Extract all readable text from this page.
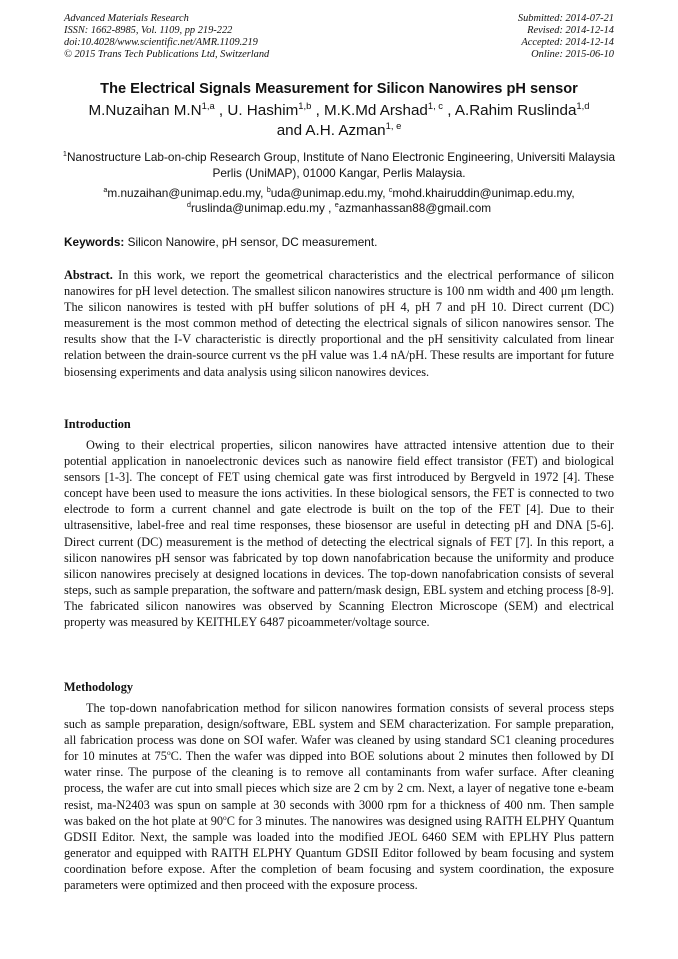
Advanced Materials Research
ISSN: 1662-8985, Vol. 1109, pp 219-222
doi:10.4028/www.scientific.net/AMR.1109.219
© 2015 Trans Tech Publications Ltd, Switzerland
Submitted: 2014-07-21
Revised: 2014-12-14
Accepted: 2014-12-14
Online: 2015-06-10
The Electrical Signals Measurement for Silicon Nanowires pH sensor
M.Nuzaihan $M.N^{1,a}$ , U. Hashim$^{1,b}$ , M.K.Md Arshad$^{1, c}$ , A.Rahim Ruslinda$^{1,d}$
and A.H. Azman$^{1, e}$
$^1$Nanostructure Lab-on-chip Research Group, Institute of Nano Electronic Engineering, Universiti Malaysia Perlis (UniMAP), 01000 Kangar, Perlis Malaysia.
$^a$m.nuzaihan@unimap.edu.my, $^b$uda@unimap.edu.my, $^c$mohd.khairuddin@unimap.edu.my,
$^d$ruslinda@unimap.edu.my , $^e$azmanhassan88@gmail.com
Keywords: Silicon Nanowire, pH sensor, DC measurement.
Abstract. In this work, we report the geometrical characteristics and the electrical performance of silicon nanowires for pH level detection. The smallest silicon nanowires structure is 100 nm width and 400 μm length. The silicon nanowires is tested with pH buffer solutions of pH 4, pH 7 and pH 10. Direct current (DC) measurement is the most common method of detecting the electrical signals of silicon nanowires sensor. The results show that the I-V characteristic is directly proportional and the pH sensitivity calculated from linear relation between the drain-source current vs the pH value was 1.4 nA/pH. These results are important for future biosensing experiments and data analysis using silicon nanowires devices.
Introduction
Owing to their electrical properties, silicon nanowires have attracted intensive attention due to their potential application in nanoelectronic devices such as nanowire field effect transistor (FET) and biological sensors [1-3]. The concept of FET using chemical gate was first introduced by Bergveld in 1972 [4]. These concept have been used to measure the ions activities. In these biological sensors, the FET is connected to two electrode to form a current channel and gate electrode is built on the top of the FET [4]. Due to their ultrasensitive, label-free and real time responses, these biosensor are useful in detecting pH and DNA [5-6]. Direct current (DC) measurement is the method of detecting the electrical signals of FET [7]. In this report, a silicon nanowires pH sensor was fabricated by top down nanofabrication because the uniformity and produce silicon nanowires precisely at designed locations in devices. The top-down nanofabrication consists of several steps, such as sample preparation, the software and pattern/mask design, EBL system and etching process [8-9]. The fabricated silicon nanowires was observed by Scanning Electron Microscope (SEM) and electrical property was measured by KEITHLEY 6487 picoammeter/voltage source.
Methodology
The top-down nanofabrication method for silicon nanowires formation consists of several process steps such as sample preparation, design/software, EBL system and SEM characterization. For sample preparation, all fabrication process was done on SOI wafer. Wafer was cleaned by using standard SC1 cleaning procedures for 10 minutes at 75$^o$C. Then the wafer was dipped into BOE solutions about 2 minutes then followed by DI water rinse. The purpose of the cleaning is to remove all contaminants from wafer surface. After cleaning process, the wafer are cut into small pieces which size are 2 cm by 2 cm. Next, a layer of negative tone e-beam resist, ma-N2403 was spun on sample at 30 seconds with 3000 rpm for a thickness of 400 nm. Then sample was baked on the hot plate at 90$^o$C for 3 minutes. The nanowires was designed using RAITH ELPHY Quantum GDSII Editor. Next, the sample was loaded into the modified JEOL 6460 SEM with EPLHY Plus pattern generator and equipped with RAITH ELPHY Quantum GDSII Editor followed by beam focusing and system coordination before expose. After the completion of beam focusing and system coordination, the exposure parameters were optimized and then proceed with the exposure process.
